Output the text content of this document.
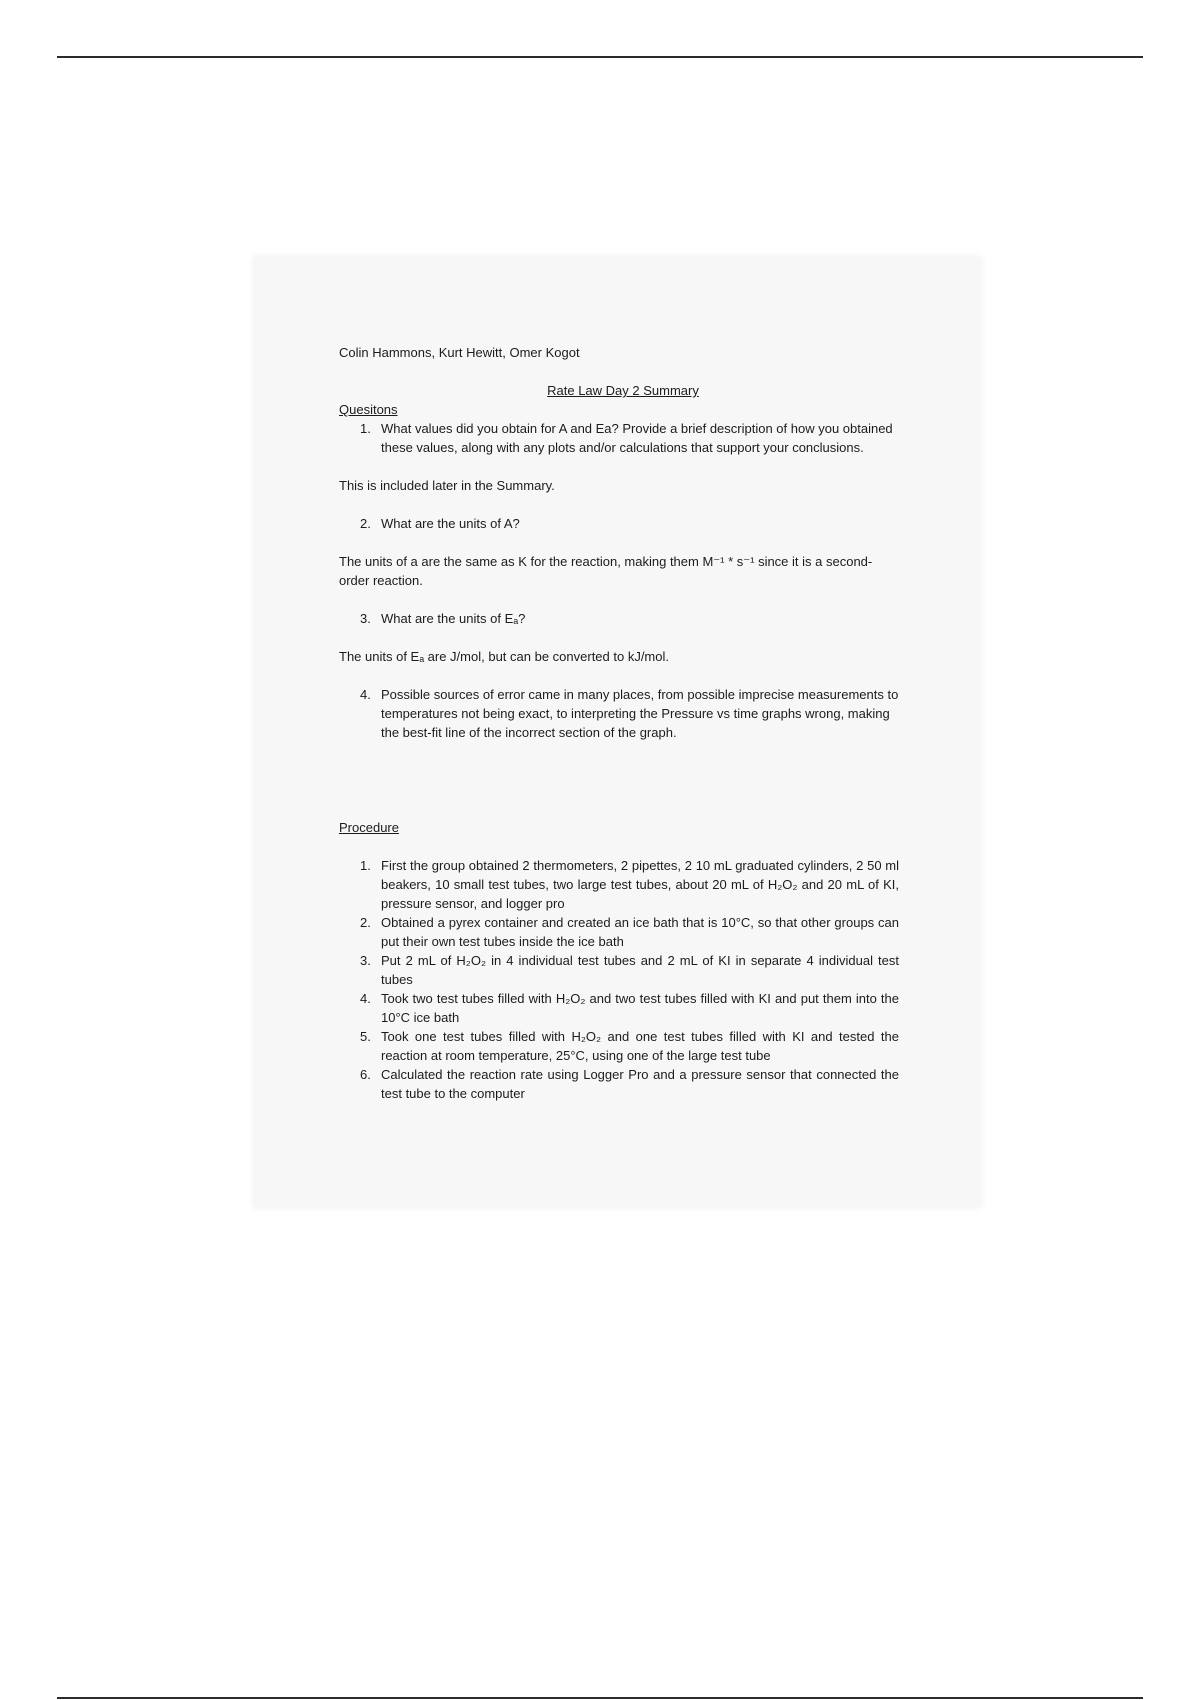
Colin Hammons, Kurt Hewitt, Omer Kogot

Rate Law Day 2 Summary

Quesitons

1. What values did you obtain for A and Ea? Provide a brief description of how you obtained these values, along with any plots and/or calculations that support your conclusions.

This is included later in the Summary.

2. What are the units of A?

The units of a are the same as K for the reaction, making them M⁻¹ * s⁻¹ since it is a second-order reaction.

3. What are the units of Eₐ?

The units of Eₐ are J/mol, but can be converted to kJ/mol.

4. Possible sources of error came in many places, from possible imprecise measurements to temperatures not being exact, to interpreting the Pressure vs time graphs wrong, making the best-fit line of the incorrect section of the graph.

Procedure

1. First the group obtained 2 thermometers, 2 pipettes, 2 10 mL graduated cylinders, 2 50 ml beakers, 10 small test tubes, two large test tubes, about 20 mL of H₂O₂ and 20 mL of KI, pressure sensor, and logger pro
2. Obtained a pyrex container and created an ice bath that is 10°C, so that other groups can put their own test tubes inside the ice bath
3. Put 2 mL of H₂O₂ in 4 individual test tubes and 2 mL of KI in separate 4 individual test tubes
4. Took two test tubes filled with H₂O₂ and two test tubes filled with KI and put them into the 10°C ice bath
5. Took one test tubes filled with H₂O₂ and one test tubes filled with KI and tested the reaction at room temperature, 25°C, using one of the large test tube
6. Calculated the reaction rate using Logger Pro and a pressure sensor that connected the test tube to the computer
